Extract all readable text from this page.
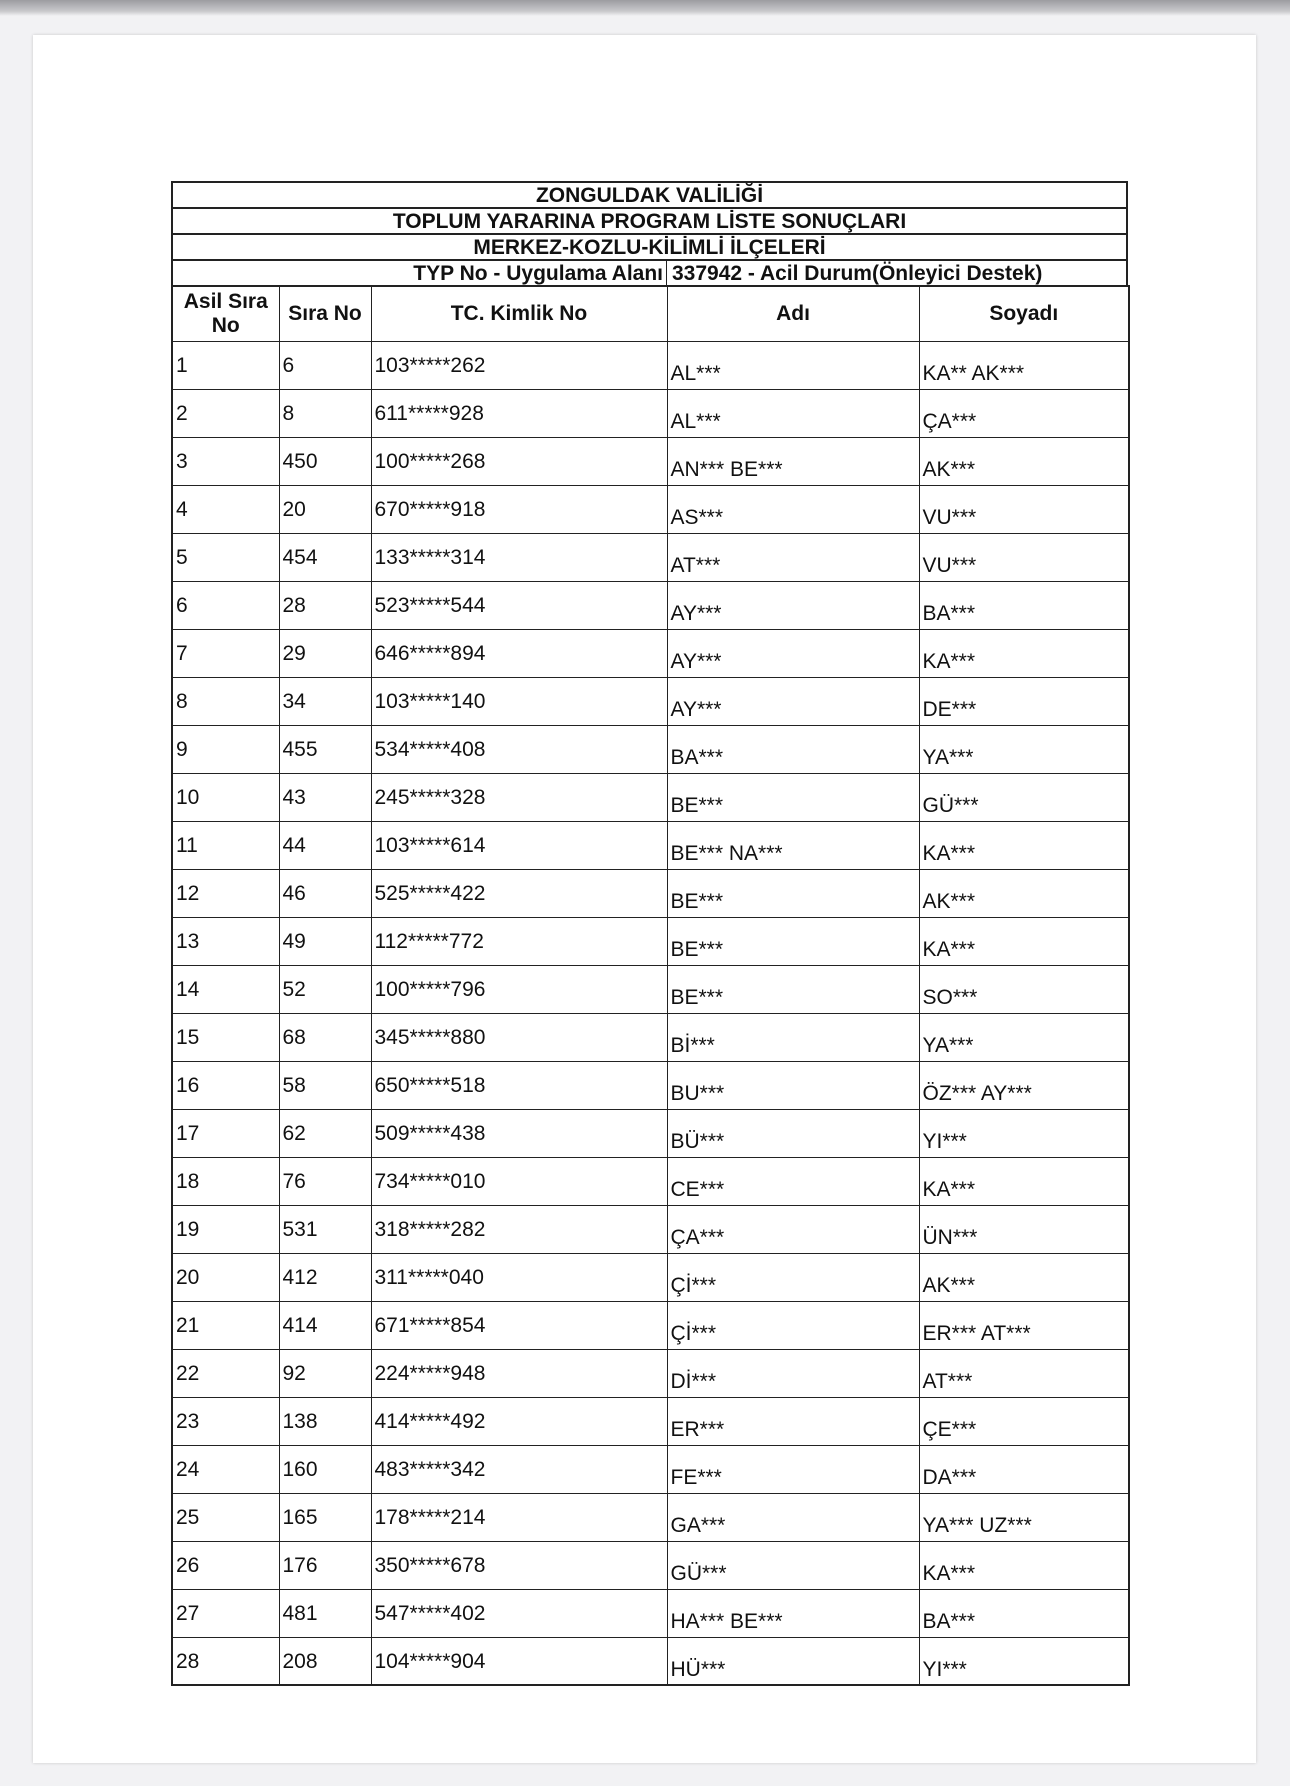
ZONGULDAK VALİLİĞİ
TOPLUM YARARINA PROGRAM LİSTE SONUÇLARI
MERKEZ-KOZLU-KİLİMLİ İLÇELERİ
TYP No - Uygulama Alanı 337942 - Acil Durum(Önleyici Destek)
Asil Sıra No	Sıra No	TC. Kimlik No	Adı	Soyadı
1	6	103*****262	AL***	KA** AK***
2	8	611*****928	AL***	ÇA***
3	450	100*****268	AN*** BE***	AK***
4	20	670*****918	AS***	VU***
5	454	133*****314	AT***	VU***
6	28	523*****544	AY***	BA***
7	29	646*****894	AY***	KA***
8	34	103*****140	AY***	DE***
9	455	534*****408	BA***	YA***
10	43	245*****328	BE***	GÜ***
11	44	103*****614	BE*** NA***	KA***
12	46	525*****422	BE***	AK***
13	49	112*****772	BE***	KA***
14	52	100*****796	BE***	SO***
15	68	345*****880	Bİ***	YA***
16	58	650*****518	BU***	ÖZ*** AY***
17	62	509*****438	BÜ***	YI***
18	76	734*****010	CE***	KA***
19	531	318*****282	ÇA***	ÜN***
20	412	311*****040	Çİ***	AK***
21	414	671*****854	Çİ***	ER*** AT***
22	92	224*****948	Dİ***	AT***
23	138	414*****492	ER***	ÇE***
24	160	483*****342	FE***	DA***
25	165	178*****214	GA***	YA*** UZ***
26	176	350*****678	GÜ***	KA***
27	481	547*****402	HA*** BE***	BA***
28	208	104*****904	HÜ***	YI***
